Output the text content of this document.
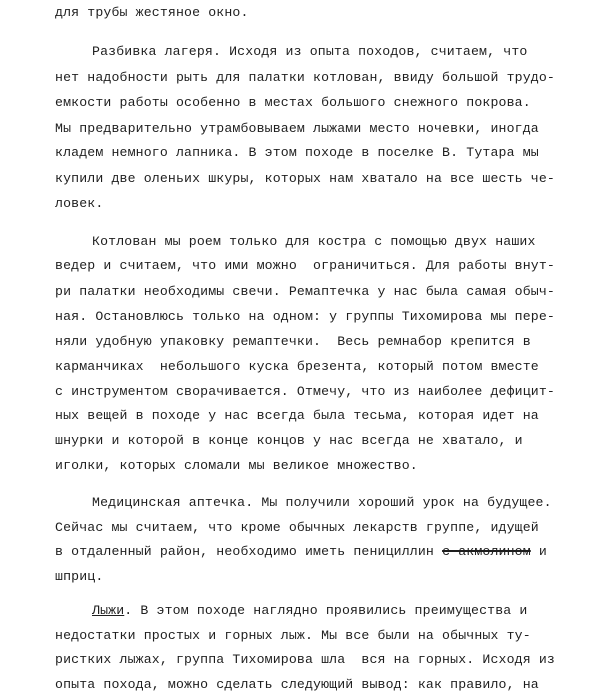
для трубы жестяное окно.
Разбивка лагеря. Исходя из опыта походов, считаем, что
нет надобности рыть для палатки котлован, ввиду большой трудо-
емкости работы особенно в местах большого снежного покрова.
Мы предварительно утрамбовываем лыжами место ночевки, иногда
кладем немного лапника. В этом походе в поселке В. Тутара мы
купили две оленьих шкуры, которых нам хватало на все шесть че-
ловек.
Котлован мы роем только для костра с помощью двух наших
ведер и считаем, что ими можно  ограничиться. Для работы внут-
ри палатки необходимы свечи. Ремаптечка у нас была самая обыч-
ная. Остановлюсь только на одном: у группы Тихомирова мы пере-
няли удобную упаковку ремаптечки.  Весь ремнабор крепится в
карманчиках  небольшого куска брезента, который потом вместе
с инструментом сворачивается. Отмечу, что из наиболее дефицит-
ных вещей в походе у нас всегда была тесьма, которая идет на
шнурки и которой в конце концов у нас всегда не хватало, и
иголки, которых сломали мы великое множество.
Медицинская аптечка. Мы получили хороший урок на будущее.
Сейчас мы считаем, что кроме обычных лекарств группе, идущей
в отдаленный район, необходимо иметь пенициллин с акмолином и
шприц.
Лыжи. В этом походе наглядно проявились преимущества и
недостатки простых и горных лыж. Мы все были на обычных ту-
ристких лыжах, группа Тихомирова шла  вся на горных. Исходя из
опыта похода, можно сделать следующий вывод: как правило, на
